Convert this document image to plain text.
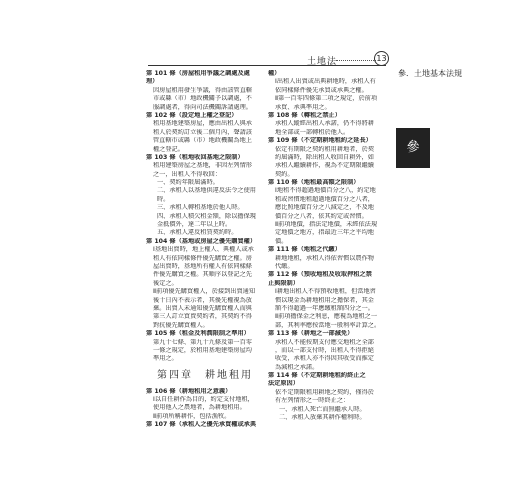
土地法	13
參．土地基本法規
參
第 101 條（房屋租用爭議之調處及處
理）
因房屋租用發生爭議，得由該管直轄
市或縣（市）地政機關予以調處，不
服調處者，得向司法機關訴請處理。
第 102 條（設定地上權之登記）
租用基地建築房屋，應由出租人與承
租人於契約訂立後二個月內，聲請該
管直轄市或縣（市）地政機關為地上
權之登記。
第 103 條（租地收回基地之限制）
租用建築房屋之基地，非因左列情形
之一，出租人不得收回：
一、契約年限屆滿時。
二、承租人以基地供違反法令之使用
時。
三、承租人轉租基地於他人時。
四、承租人積欠租金額，除以擔保現
金抵償外，達二年以上時。
五、承租人違反租賃契約時。
第 104 條（基地或房屋之優先購買權）
Ⅰ基地出賣時，地上權人、典權人或承
租人有依同樣條件優先購買之權。房
屋出賣時，基地所有權人有依同樣條
件優先購買之權。其順序以登記之先
後定之。
Ⅱ前項優先購買權人，於接到出賣通知
後十日內不表示者，其優先權視為放
棄。出賣人未通知優先購買權人而與
第三人訂立買賣契約者，其契約不得
對抗優先購買權人。
第 105 條（租金及利潤限制之準用）
第九十七條、第九十九條及第一百零
一條之規定，於租用基地建築房屋均
準用之。
第四章　耕地租用
第 106 條（耕地租用之意義）
Ⅰ以自任耕作為目的，約定支付地租，
使用他人之農地者，為耕地租用。
Ⅱ前項所稱耕作，包括漁牧。
第 107 條（承租人之優先承買權或承典
權）
Ⅰ出租人出賣或出典耕地時，承租人有
依同樣條件優先承買或承典之權。
Ⅱ第一百零四條第二項之規定，於前項
承買、承典準用之。
第 108 條（轉租之禁止）
承租人縱經出租人承諾，仍不得將耕
地全部或一部轉租於他人。
第 109 條（不定期耕地租約之延長）
依定有期限之契約租用耕地者，於契
約屆滿時，除出租人收回自耕外，如
承租人繼續耕作，視為不定期限繼續
契約。
第 110 條（地租最高額之限制）
Ⅰ地租不得超過地價百分之八，約定地
租或習慣地租超過地價百分之八者，
應比照地價百分之八減定之，不及地
價百分之八者，依其約定或習慣。
Ⅱ前項地價，指法定地價，未經依法規
定地價之地方，指最近三年之平均地
價。
第 111 條（地租之代繳）
耕地地租，承租人得依習慣以農作物
代繳。
第 112 條（預收地租及收取押租之禁
止與限制）
Ⅰ耕地出租人不得預收地租，但當地習
慣以現金為耕地租用之擔保者，其金
額不得超過一年應繳租額四分之一。
Ⅱ前項擔保金之利息，應視為地租之一
部，其利率應按當地一般利率計算之。
第 113 條（耕地之一部減免）
承租人不能按期支付應交地租之全部
，而以一部支付時，出租人不得拒絕
收受，承租人亦不得因其收受而推定
為減租之承諾。
第 114 條（不定期耕地租約終止之
法定原因）
依不定期限租用耕地之契約，僅得於
有左列情形之一時終止之：
一、承租人死亡而無繼承人時。
二、承租人放棄其耕作權利時。
